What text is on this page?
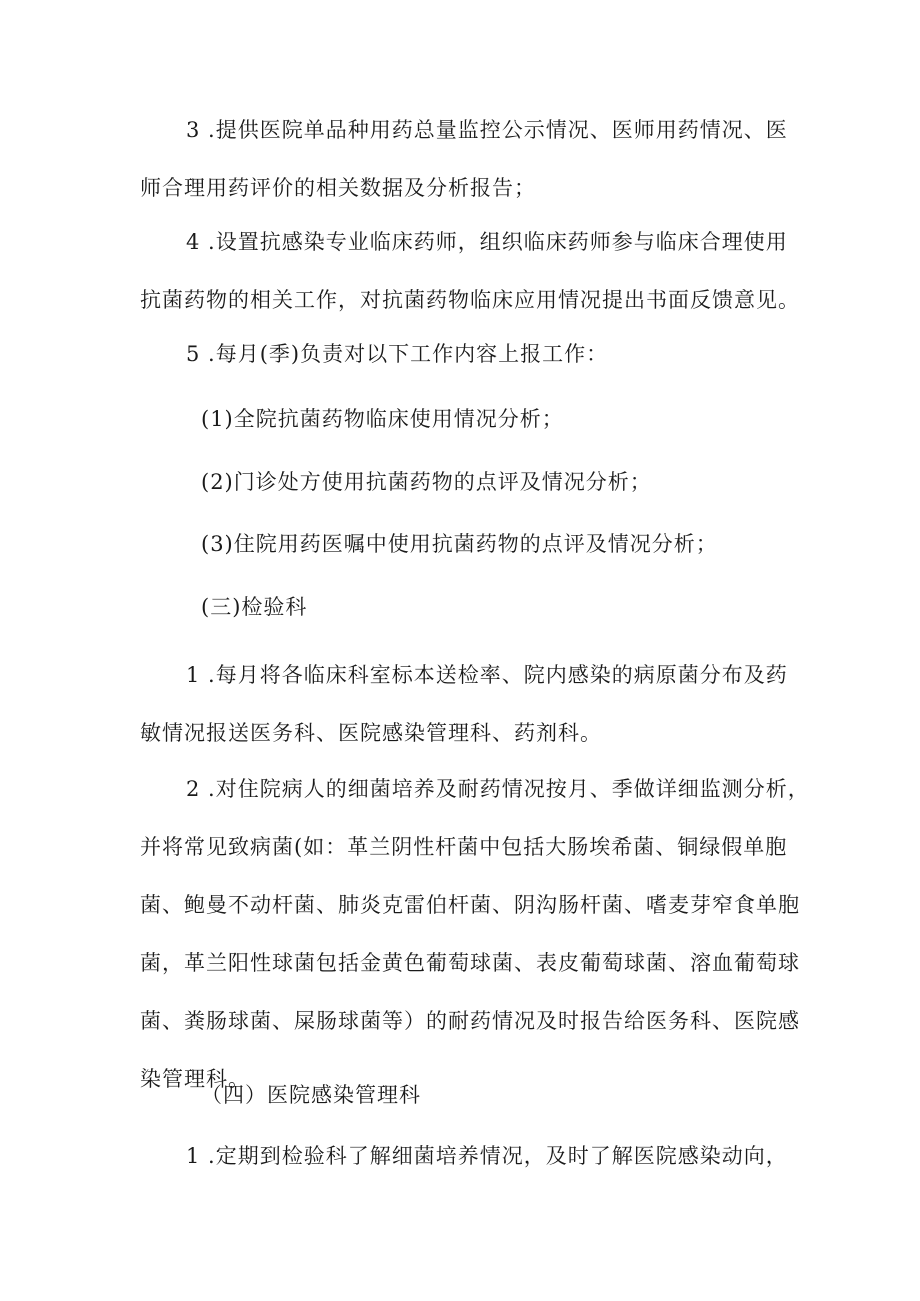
3 .提供医院单品种用药总量监控公示情况、医师用药情况、医
师合理用药评价的相关数据及分析报告；

4 .设置抗感染专业临床药师，组织临床药师参与临床合理使用
抗菌药物的相关工作，对抗菌药物临床应用情况提出书面反馈意见。

5 .每月(季)负责对以下工作内容上报工作：

(1)全院抗菌药物临床使用情况分析；

(2)门诊处方使用抗菌药物的点评及情况分析；

(3)住院用药医嘱中使用抗菌药物的点评及情况分析；

(三)检验科

1 .每月将各临床科室标本送检率、院内感染的病原菌分布及药
敏情况报送医务科、医院感染管理科、药剂科。

2 .对住院病人的细菌培养及耐药情况按月、季做详细监测分析，
并将常见致病菌(如：革兰阴性杆菌中包括大肠埃希菌、铜绿假单胞
菌、鲍曼不动杆菌、肺炎克雷伯杆菌、阴沟肠杆菌、嗜麦芽窄食单胞
菌，革兰阳性球菌包括金黄色葡萄球菌、表皮葡萄球菌、溶血葡萄球
菌、粪肠球菌、屎肠球菌等）的耐药情况及时报告给医务科、医院感
染管理科。

（四）医院感染管理科

1 .定期到检验科了解细菌培养情况，及时了解医院感染动向，
